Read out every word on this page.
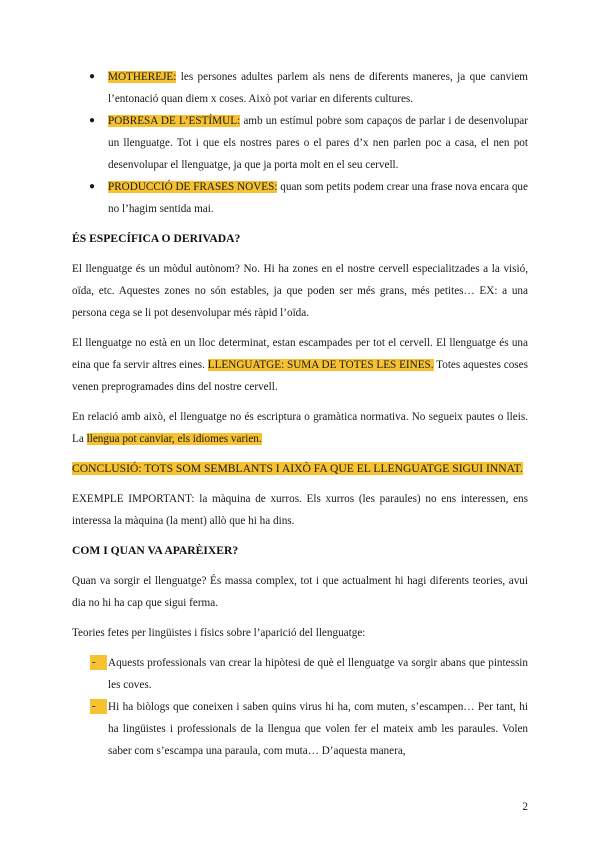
● MOTHEREJE: les persones adultes parlem als nens de diferents maneres, ja que canviem l’entonació quan diem x coses. Això pot variar en diferents cultures.
● POBRESA DE L’ESTÍMUL: amb un estímul pobre som capaços de parlar i de desenvolupar un llenguatge. Tot i que els nostres pares o el pares d’x nen parlen poc a casa, el nen pot desenvolupar el llenguatge, ja que ja porta molt en el seu cervell.
● PRODUCCIÓ DE FRASES NOVES: quan som petits podem crear una frase nova encara que no l’hagim sentida mai.
ÉS ESPECÍFICA O DERIVADA?

El llenguatge és un mòdul autònom? No. Hi ha zones en el nostre cervell especialitzades a la visió, oïda, etc. Aquestes zones no són estables, ja que poden ser més grans, més petites… EX: a una persona cega se li pot desenvolupar més ràpid l’oïda.

El llenguatge no està en un lloc determinat, estan escampades per tot el cervell. El llenguatge és una eina que fa servir altres eines. LLENGUATGE: SUMA DE TOTES LES EINES. Totes aquestes coses venen preprogramades dins del nostre cervell.

En relació amb això, el llenguatge no és escriptura o gramàtica normativa. No segueix pautes o lleis. La llengua pot canviar, els idiomes varien.

CONCLUSIÓ: TOTS SOM SEMBLANTS I AIXÒ FA QUE EL LLENGUATGE SIGUI INNAT.

EXEMPLE IMPORTANT: la màquina de xurros. Els xurros (les paraules) no ens interessen, ens interessa la màquina (la ment) allò que hi ha dins.

COM I QUAN VA APARÈIXER?

Quan va sorgir el llenguatge? És massa complex, tot i que actualment hi hagi diferents teories, avui dia no hi ha cap que sigui ferma.

Teories fetes per lingüistes i físics sobre l’aparició del llenguatge:

-	Aquests professionals van crear la hipòtesi de què el llenguatge va sorgir abans que pintessin les coves.
-	Hi ha biòlogs que coneixen i saben quins virus hi ha, com muten, s’escampen… Per tant, hi ha lingüistes i professionals de la llengua que volen fer el mateix amb les paraules. Volen saber com s’escampa una paraula, com muta… D’aquesta manera,
2
